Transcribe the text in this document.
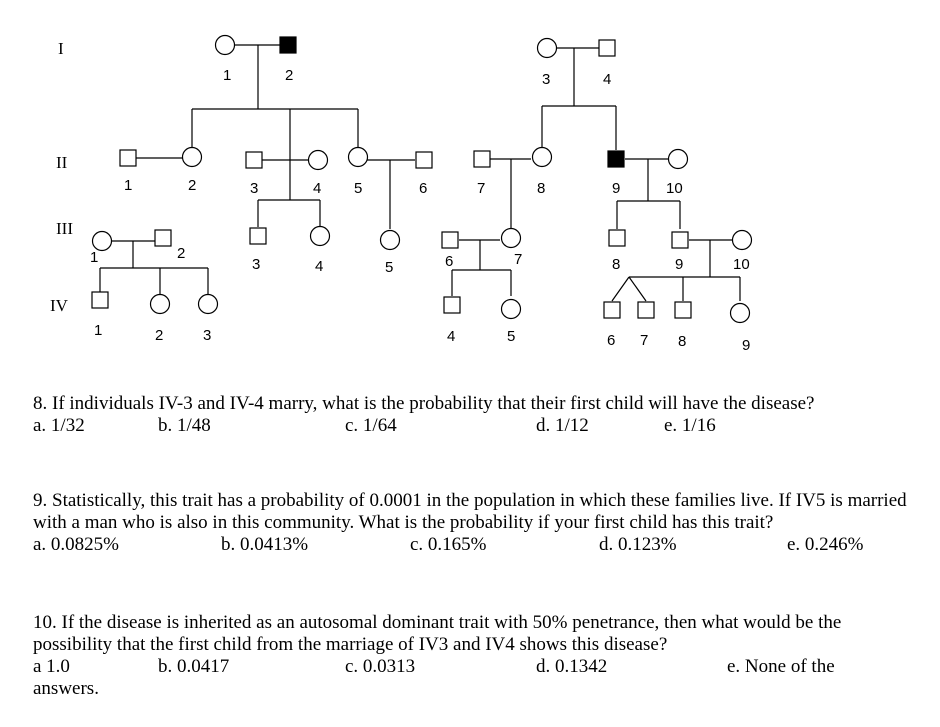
I
II
III
IV
1	2	3	4
1	2	3	4 5	6	7	8	9	10
1	2
3	4	5	6	7	8	9	10
1	2	3	4	5	6 7 8	9

8. If individuals IV-3 and IV-4 marry, what is the probability that their first child will have the disease?

a. 1/32	b. 1/48	c. 1/64	d. 1/12	e. 1/16

9. Statistically, this trait has a probability of 0.0001 in the population in which these families live. If IV5 is married with a man who is also in this community. What is the probability if your first child has this trait?

a. 0.0825%	b. 0.0413%	c. 0.165%	d. 0.123%	e. 0.246%

10. If the disease is inherited as an autosomal dominant trait with 50% penetrance, then what would be the possibility that the first child from the marriage of IV3 and IV4 shows this disease?

a 1.0	b. 0.0417	c. 0.0313	d. 0.1342	e. None of the

answers.
